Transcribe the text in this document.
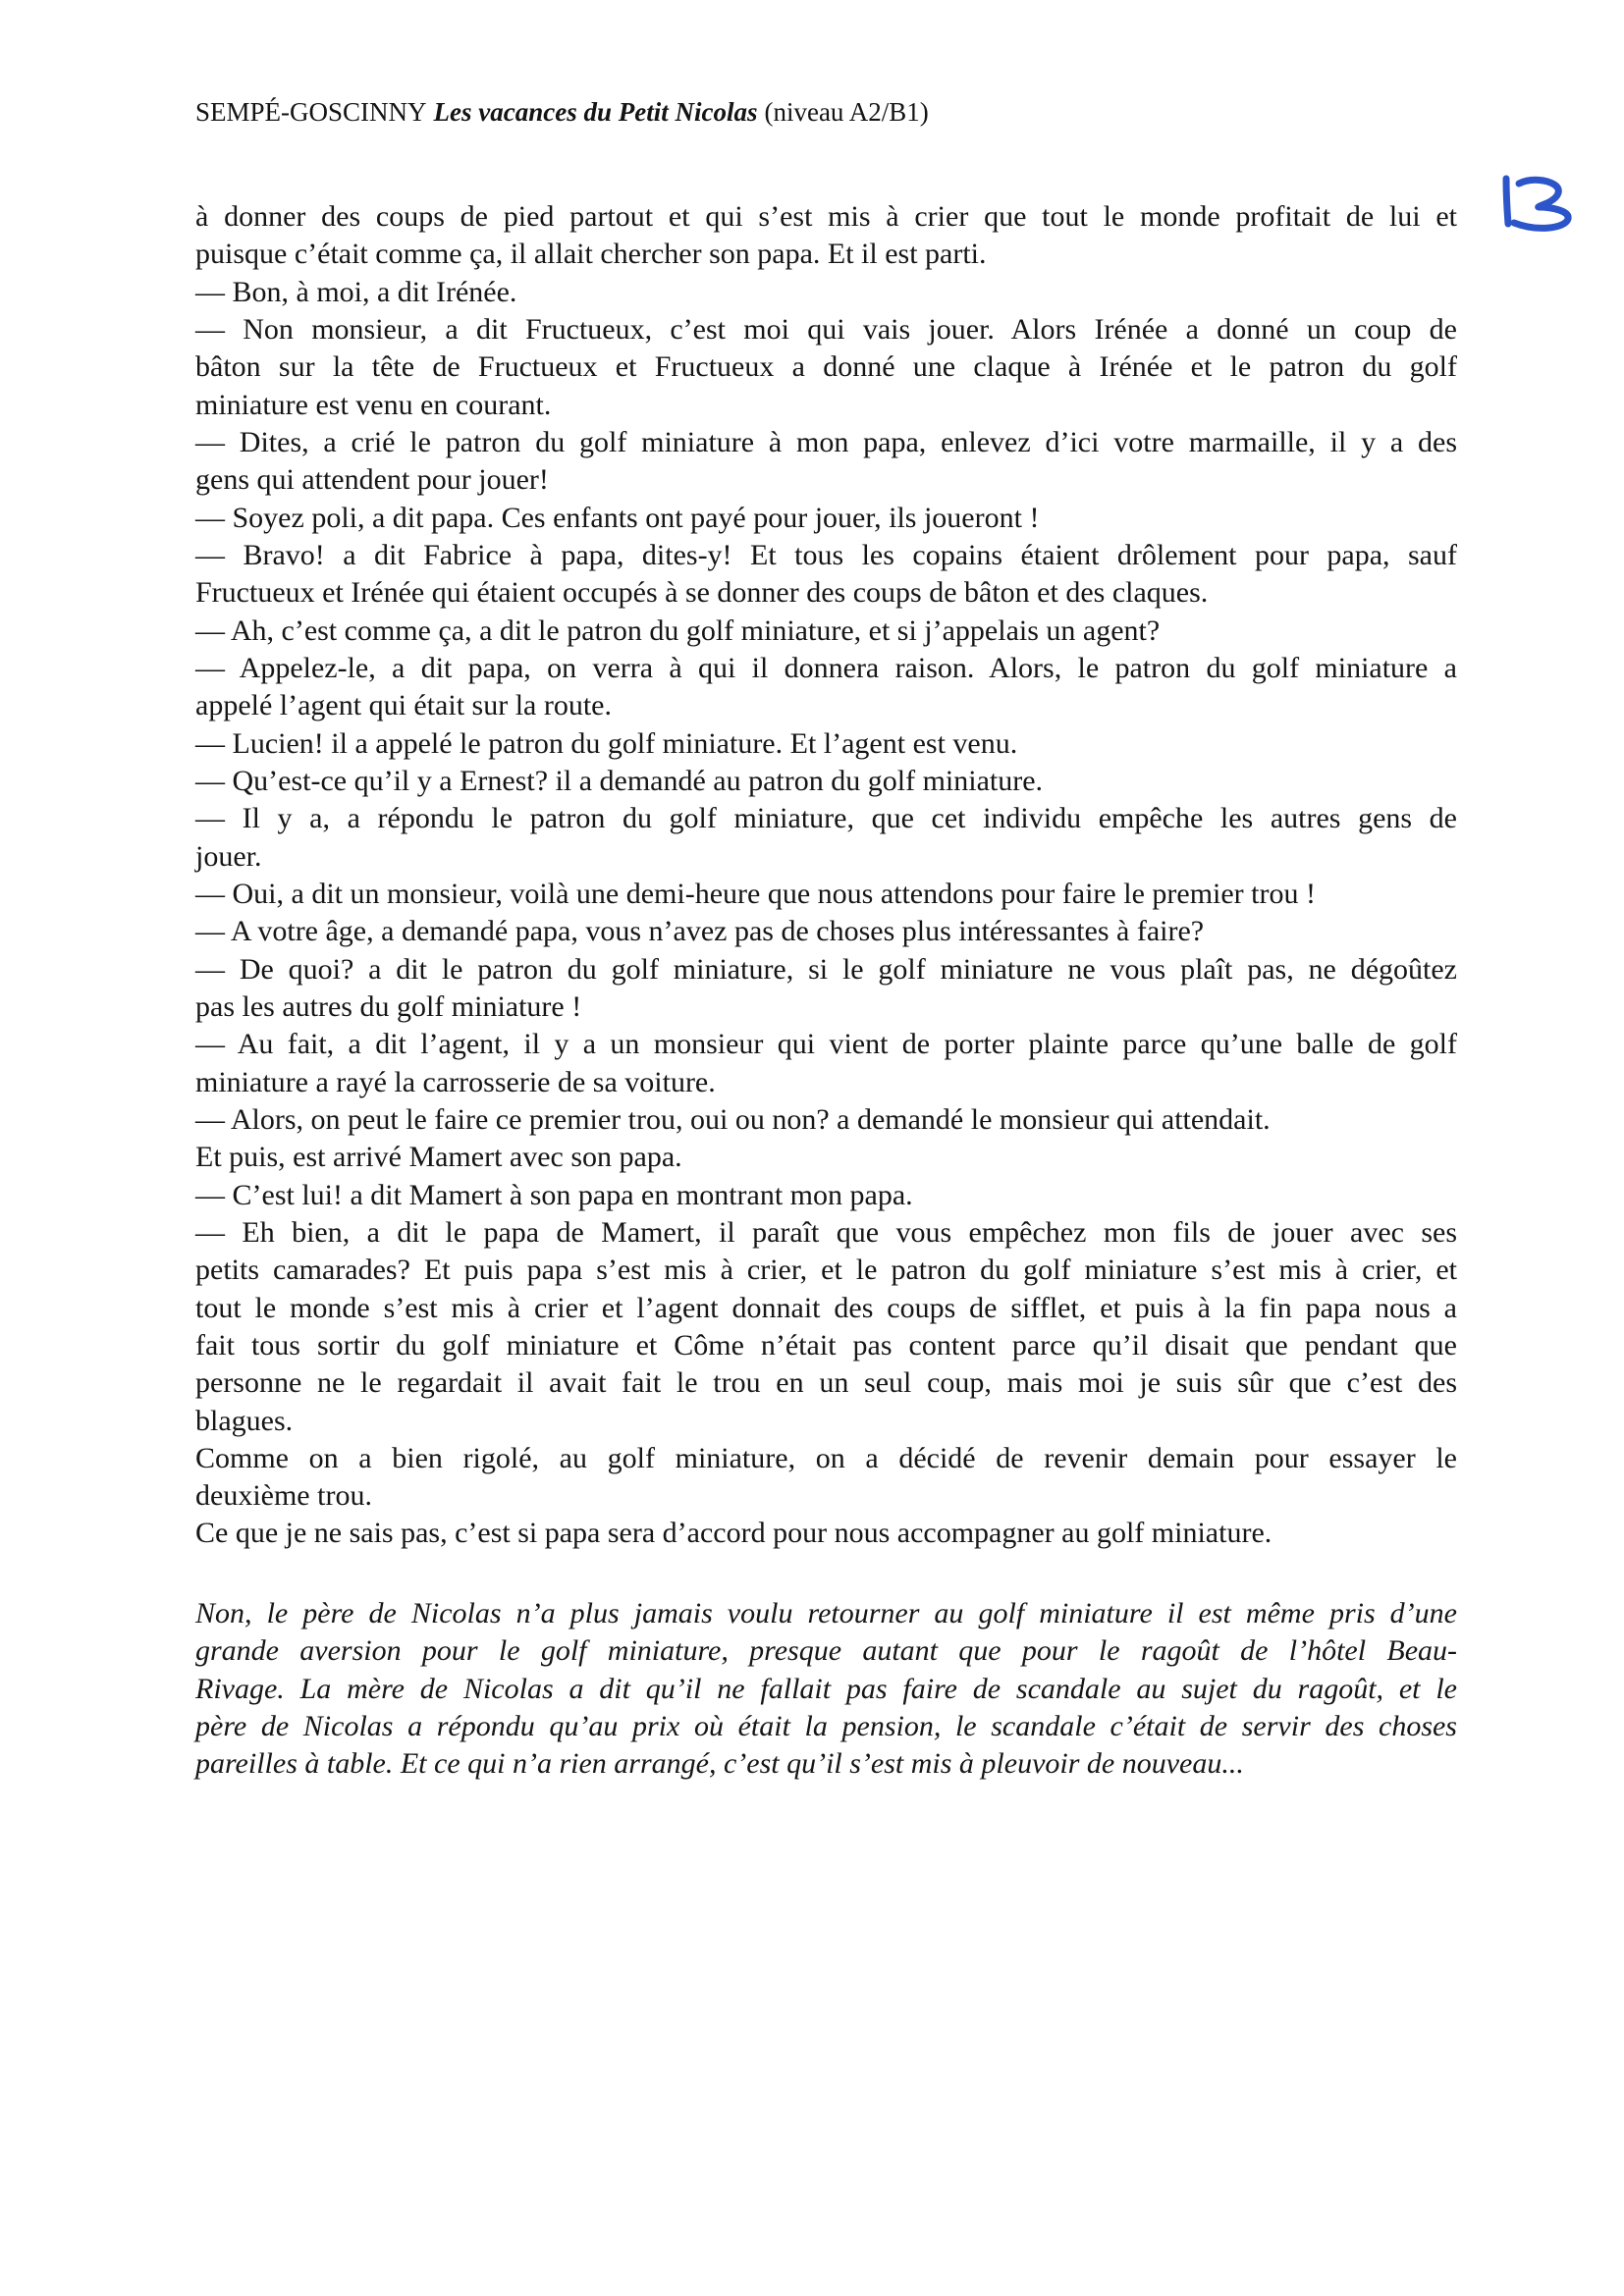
SEMPÉ-GOSCINNY Les vacances du Petit Nicolas (niveau A2/B1)
à donner des coups de pied partout et qui s’est mis à crier que tout le monde profitait de lui et
puisque c’était comme ça, il allait chercher son papa. Et il est parti.
— Bon, à moi, a dit Irénée.
— Non monsieur, a dit Fructueux, c’est moi qui vais jouer. Alors Irénée a donné un coup de
bâton sur la tête de Fructueux et Fructueux a donné une claque à Irénée et le patron du golf
miniature est venu en courant.
— Dites, a crié le patron du golf miniature à mon papa, enlevez d’ici votre marmaille, il y a des
gens qui attendent pour jouer!
— Soyez poli, a dit papa. Ces enfants ont payé pour jouer, ils joueront !
— Bravo! a dit Fabrice à papa, dites-y! Et tous les copains étaient drôlement pour papa, sauf
Fructueux et Irénée qui étaient occupés à se donner des coups de bâton et des claques.
— Ah, c’est comme ça, a dit le patron du golf miniature, et si j’appelais un agent?
— Appelez-le, a dit papa, on verra à qui il donnera raison. Alors, le patron du golf miniature a
appelé l’agent qui était sur la route.
— Lucien! il a appelé le patron du golf miniature. Et l’agent est venu.
— Qu’est-ce qu’il y a Ernest? il a demandé au patron du golf miniature.
— Il y a, a répondu le patron du golf miniature, que cet individu empêche les autres gens de
jouer.
— Oui, a dit un monsieur, voilà une demi-heure que nous attendons pour faire le premier trou !
— A votre âge, a demandé papa, vous n’avez pas de choses plus intéressantes à faire?
— De quoi? a dit le patron du golf miniature, si le golf miniature ne vous plaît pas, ne dégoûtez
pas les autres du golf miniature !
— Au fait, a dit l’agent, il y a un monsieur qui vient de porter plainte parce qu’une balle de golf
miniature a rayé la carrosserie de sa voiture.
— Alors, on peut le faire ce premier trou, oui ou non? a demandé le monsieur qui attendait.
Et puis, est arrivé Mamert avec son papa.
— C’est lui! a dit Mamert à son papa en montrant mon papa.
— Eh bien, a dit le papa de Mamert, il paraît que vous empêchez mon fils de jouer avec ses
petits camarades? Et puis papa s’est mis à crier, et le patron du golf miniature s’est mis à crier, et
tout le monde s’est mis à crier et l’agent donnait des coups de sifflet, et puis à la fin papa nous a
fait tous sortir du golf miniature et Côme n’était pas content parce qu’il disait que pendant que
personne ne le regardait il avait fait le trou en un seul coup, mais moi je suis sûr que c’est des
blagues.
Comme on a bien rigolé, au golf miniature, on a décidé de revenir demain pour essayer le
deuxième trou.
Ce que je ne sais pas, c’est si papa sera d’accord pour nous accompagner au golf miniature.
Non, le père de Nicolas n’a plus jamais voulu retourner au golf miniature il est même pris d’une
grande aversion pour le golf miniature, presque autant que pour le ragoût de l’hôtel Beau-
Rivage. La mère de Nicolas a dit qu’il ne fallait pas faire de scandale au sujet du ragoût, et le
père de Nicolas a répondu qu’au prix où était la pension, le scandale c’était de servir des choses
pareilles à table. Et ce qui n’a rien arrangé, c’est qu’il s’est mis à pleuvoir de nouveau...
